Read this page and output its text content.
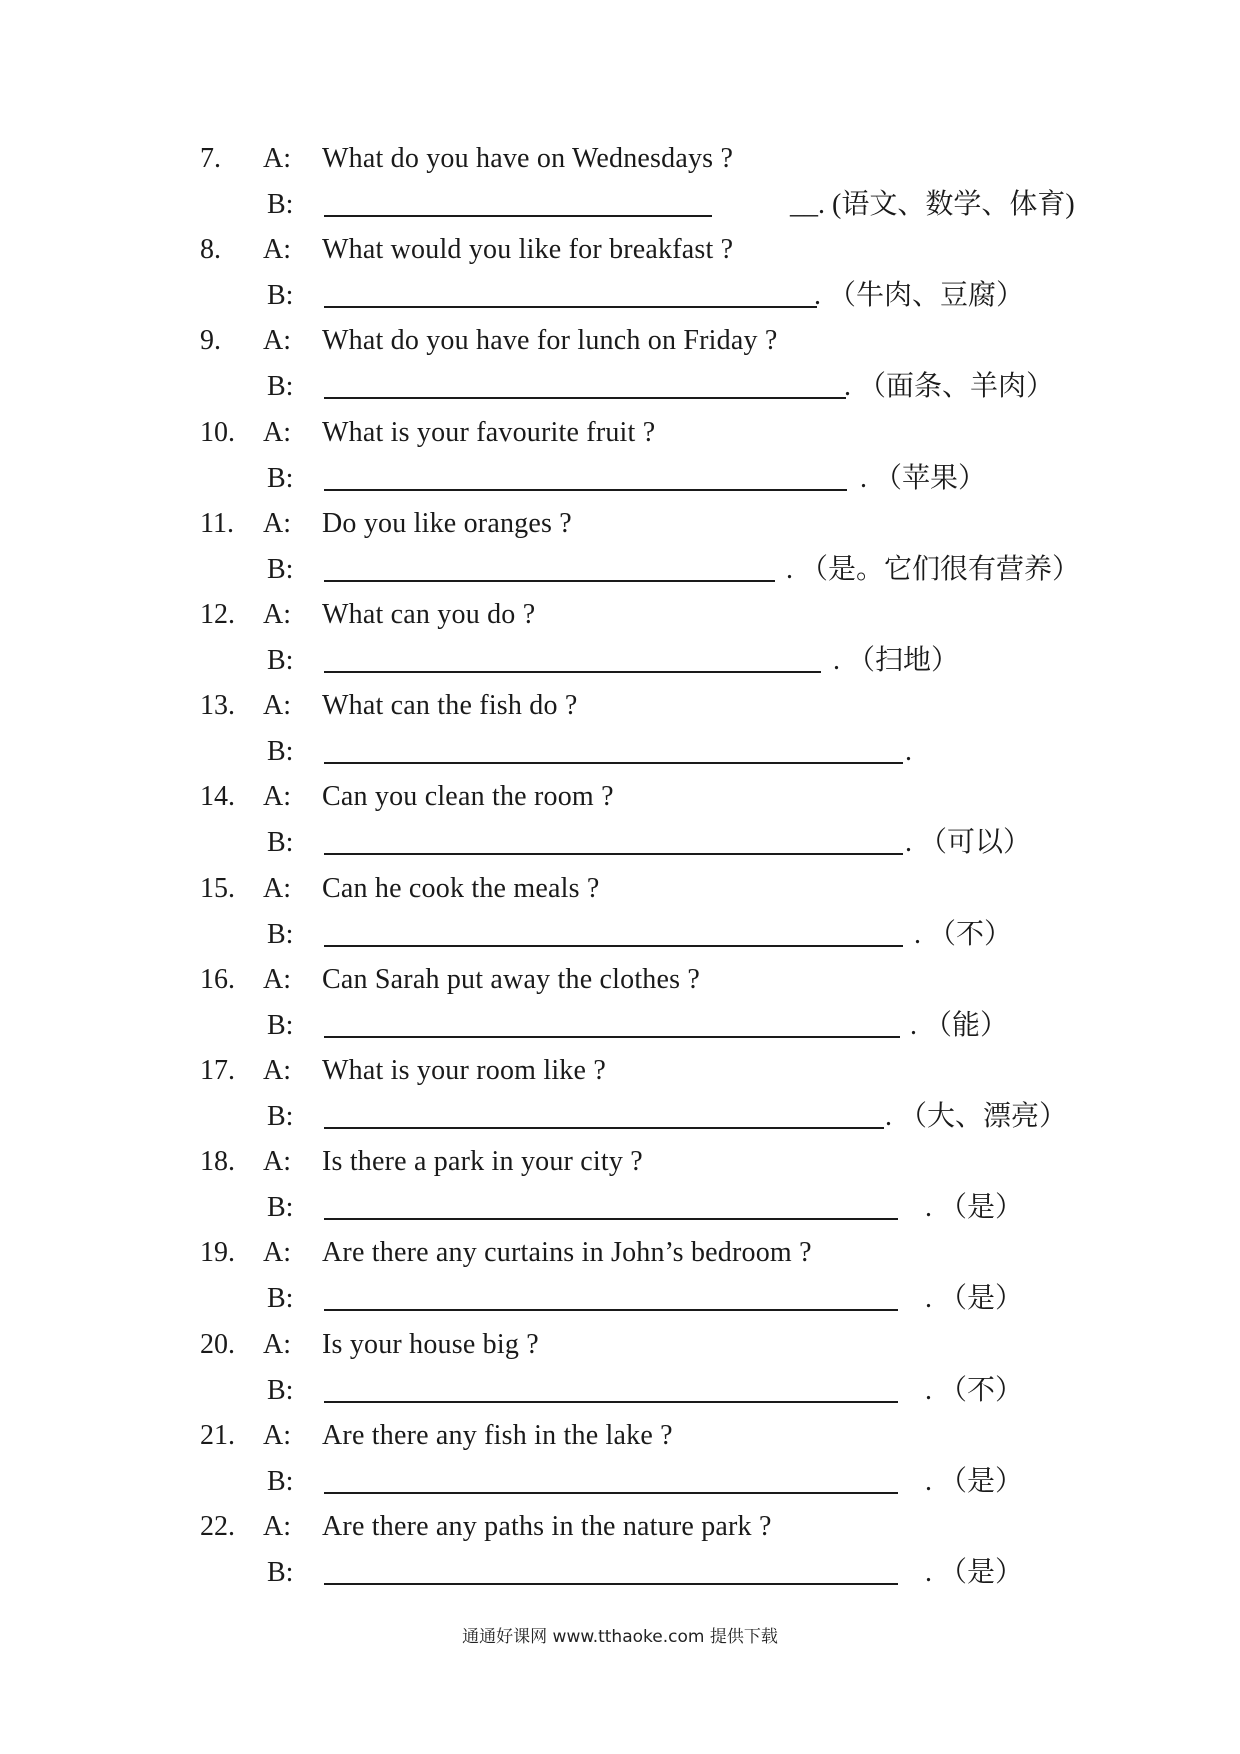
7. A: What do you have on Wednesdays ?
B:	__. (语文、数学、体育)
8. A: What would you like for breakfast ?
B:	. （牛肉、豆腐）
9. A: What do you have for lunch on Friday ?
B:	. （面条、羊肉）
10. A: What is your favourite fruit ?
B:	. （苹果）
11. A: Do you like oranges ?
B:	. （是。它们很有营养）
12. A: What can you do ?
B:	. （扫地）
13. A: What can the fish do ?
B:	.
14. A: Can you clean the room ?
B:	. （可以）
15. A: Can he cook the meals ?
B:	. （不）
16. A: Can Sarah put away the clothes ?
B:	. （能）
17. A: What is your room like ?
B:	. （大、漂亮）
18. A: Is there a park in your city ?
B:	. （是）
19. A: Are there any curtains in John’s bedroom ?
B:	. （是）
20. A: Is your house big ?
B:	. （不）
21. A: Are there any fish in the lake ?
B:	. （是）
22. A: Are there any paths in the nature park ?
B:	. （是）
通通好课网 www.tthaoke.com 提供下载
